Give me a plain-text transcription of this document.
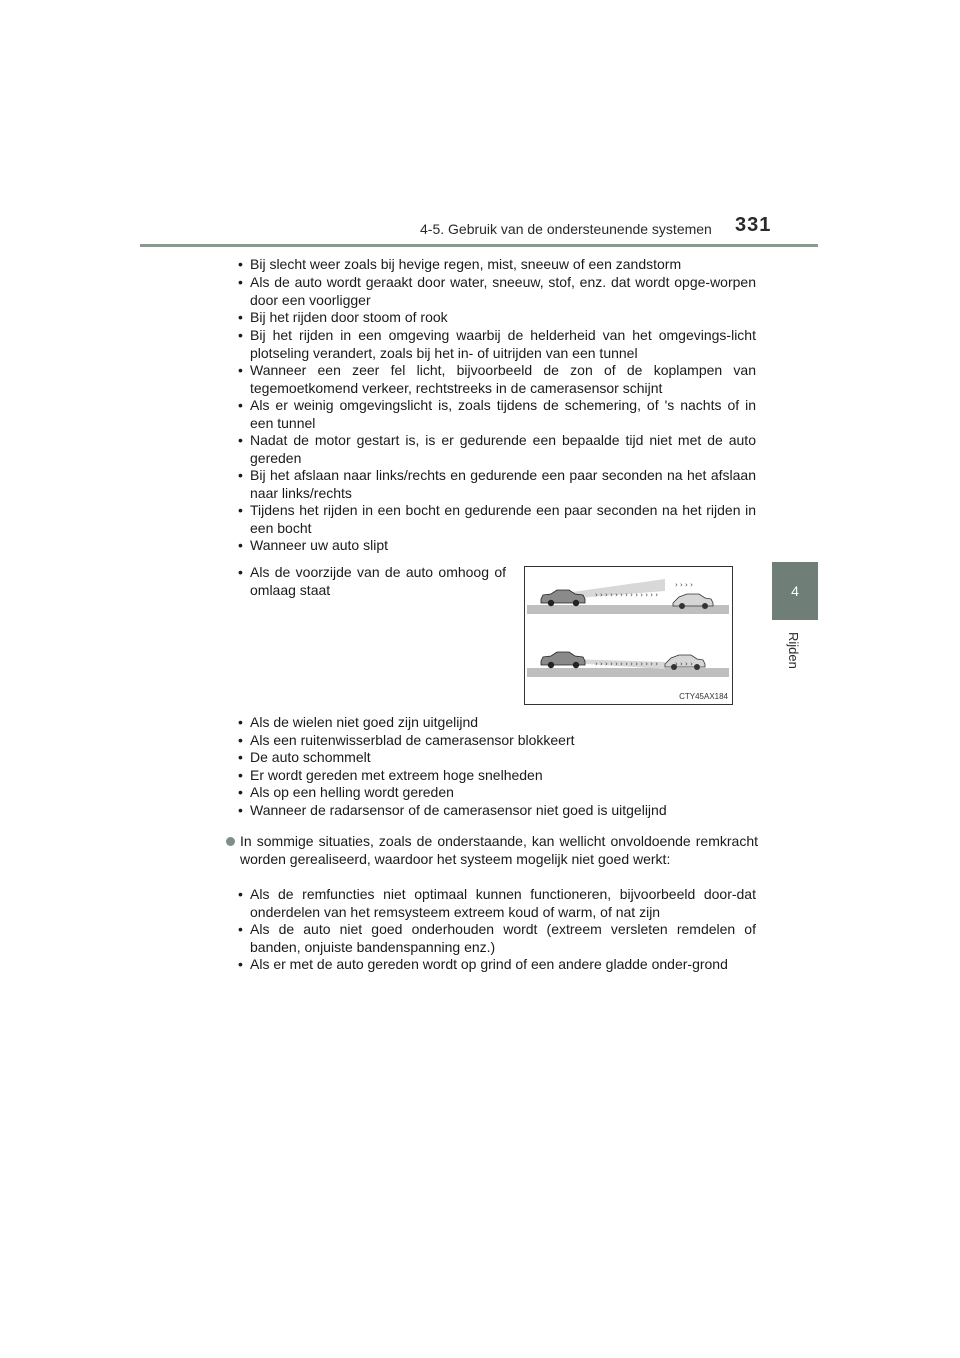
4-5. Gebruik van de ondersteunende systemen 331
4
Rijden
• Bij slecht weer zoals bij hevige regen, mist, sneeuw of een zandstorm
• Als de auto wordt geraakt door water, sneeuw, stof, enz. dat wordt opge-worpen door een voorligger
• Bij het rijden door stoom of rook
• Bij het rijden in een omgeving waarbij de helderheid van het omgevings-licht plotseling verandert, zoals bij het in- of uitrijden van een tunnel
• Wanneer een zeer fel licht, bijvoorbeeld de zon of de koplampen van tegemoetkomend verkeer, rechtstreeks in de camerasensor schijnt
• Als er weinig omgevingslicht is, zoals tijdens de schemering, of 's nachts of in een tunnel
• Nadat de motor gestart is, is er gedurende een bepaalde tijd niet met de auto gereden
• Bij het afslaan naar links/rechts en gedurende een paar seconden na het afslaan naar links/rechts
• Tijdens het rijden in een bocht en gedurende een paar seconden na het rijden in een bocht
• Wanneer uw auto slipt
• Als de voorzijde van de auto omhoog of omlaag staat	› › › › › › › › › › › › ›
› › › ›
› › › › › › › › › › › › › › › › ›
CTY45AX184
• Als de wielen niet goed zijn uitgelijnd
• Als een ruitenwisserblad de camerasensor blokkeert
• De auto schommelt
• Er wordt gereden met extreem hoge snelheden
• Als op een helling wordt gereden
• Wanneer de radarsensor of de camerasensor niet goed is uitgelijnd
In sommige situaties, zoals de onderstaande, kan wellicht onvoldoende remkracht worden gerealiseerd, waardoor het systeem mogelijk niet goed werkt:
• Als de remfuncties niet optimaal kunnen functioneren, bijvoorbeeld door-dat onderdelen van het remsysteem extreem koud of warm, of nat zijn
• Als de auto niet goed onderhouden wordt (extreem versleten remdelen of banden, onjuiste bandenspanning enz.)
• Als er met de auto gereden wordt op grind of een andere gladde onder-grond
